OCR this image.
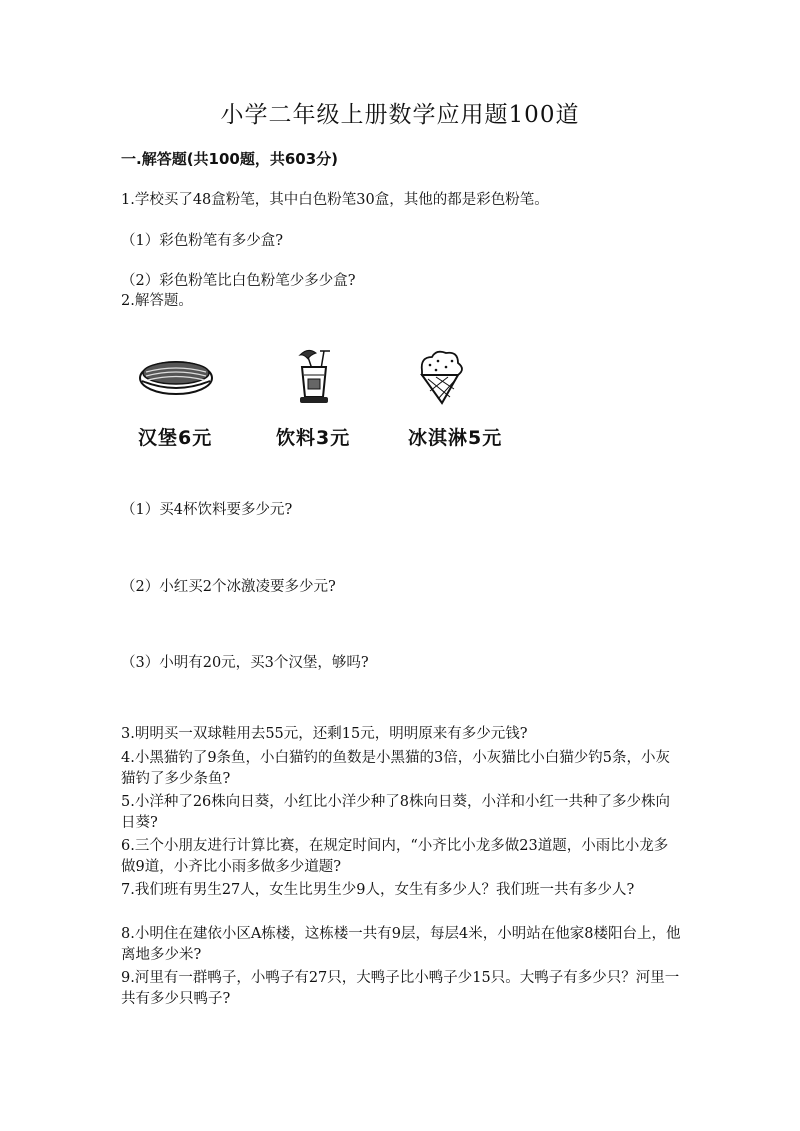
小学二年级上册数学应用题100道
一.解答题(共100题，共603分)
1.学校买了48盒粉笔，其中白色粉笔30盒，其他的都是彩色粉笔。
（1）彩色粉笔有多少盒?
（2）彩色粉笔比白色粉笔少多少盒?
2.解答题。
汉堡6元	饮料3元	冰淇淋5元
（1）买4杯饮料要多少元?
（2）小红买2个冰激凌要多少元?
（3）小明有20元，买3个汉堡，够吗?
3.明明买一双球鞋用去55元，还剩15元，明明原来有多少元钱?
4.小黑猫钓了9条鱼，小白猫钓的鱼数是小黑猫的3倍，小灰猫比小白猫少钓5条，小灰猫钓了多少条鱼?
5.小洋种了26株向日葵，小红比小洋少种了8株向日葵，小洋和小红一共种了多少株向日葵?
6.三个小朋友进行计算比赛，在规定时间内，“小齐比小龙多做23道题，小雨比小龙多做9道，小齐比小雨多做多少道题?
7.我们班有男生27人，女生比男生少9人，女生有多少人？我们班一共有多少人?
8.小明住在建依小区A栋楼，这栋楼一共有9层，每层4米，小明站在他家8楼阳台上，他离地多少米?
9.河里有一群鸭子，小鸭子有27只，大鸭子比小鸭子少15只。大鸭子有多少只？河里一共有多少只鸭子?
